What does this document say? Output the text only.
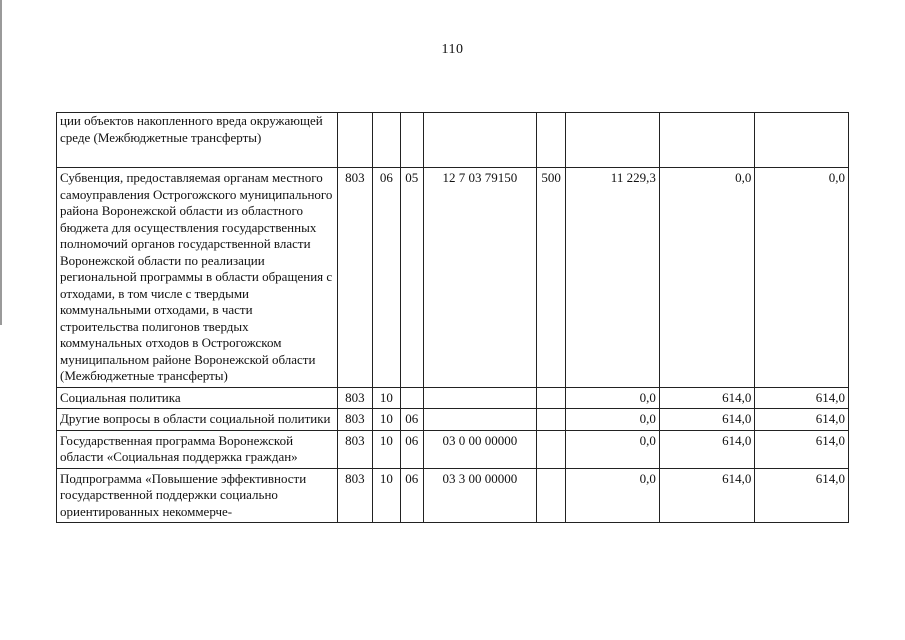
110
ции объектов накопленного вреда окружающей среде (Межбюджетные трансферты)								
Субвенция, предоставляемая органам местного самоуправления Острогожского муниципального района Воронежской области из областного бюджета для осуществления государственных полномочий органов государственной власти Воронежской области по реализации региональной программы в области обращения с отходами, в том числе с твердыми коммунальными отходами, в части строительства полигонов твердых коммунальных отходов в Острогожском муниципальном районе Воронежской области (Межбюджетные трансферты)	803	06	05	12 7 03 79150	500	11 229,3	0,0	0,0
Социальная политика	803	10				0,0	614,0	614,0
Другие вопросы в области социальной политики	803	10	06			0,0	614,0	614,0
Государственная программа Воронежской области «Социальная поддержка граждан»	803	10	06	03 0 00 00000		0,0	614,0	614,0
Подпрограмма «Повышение эффективности государственной поддержки социально ориентированных некоммерче-	803	10	06	03 3 00 00000		0,0	614,0	614,0
